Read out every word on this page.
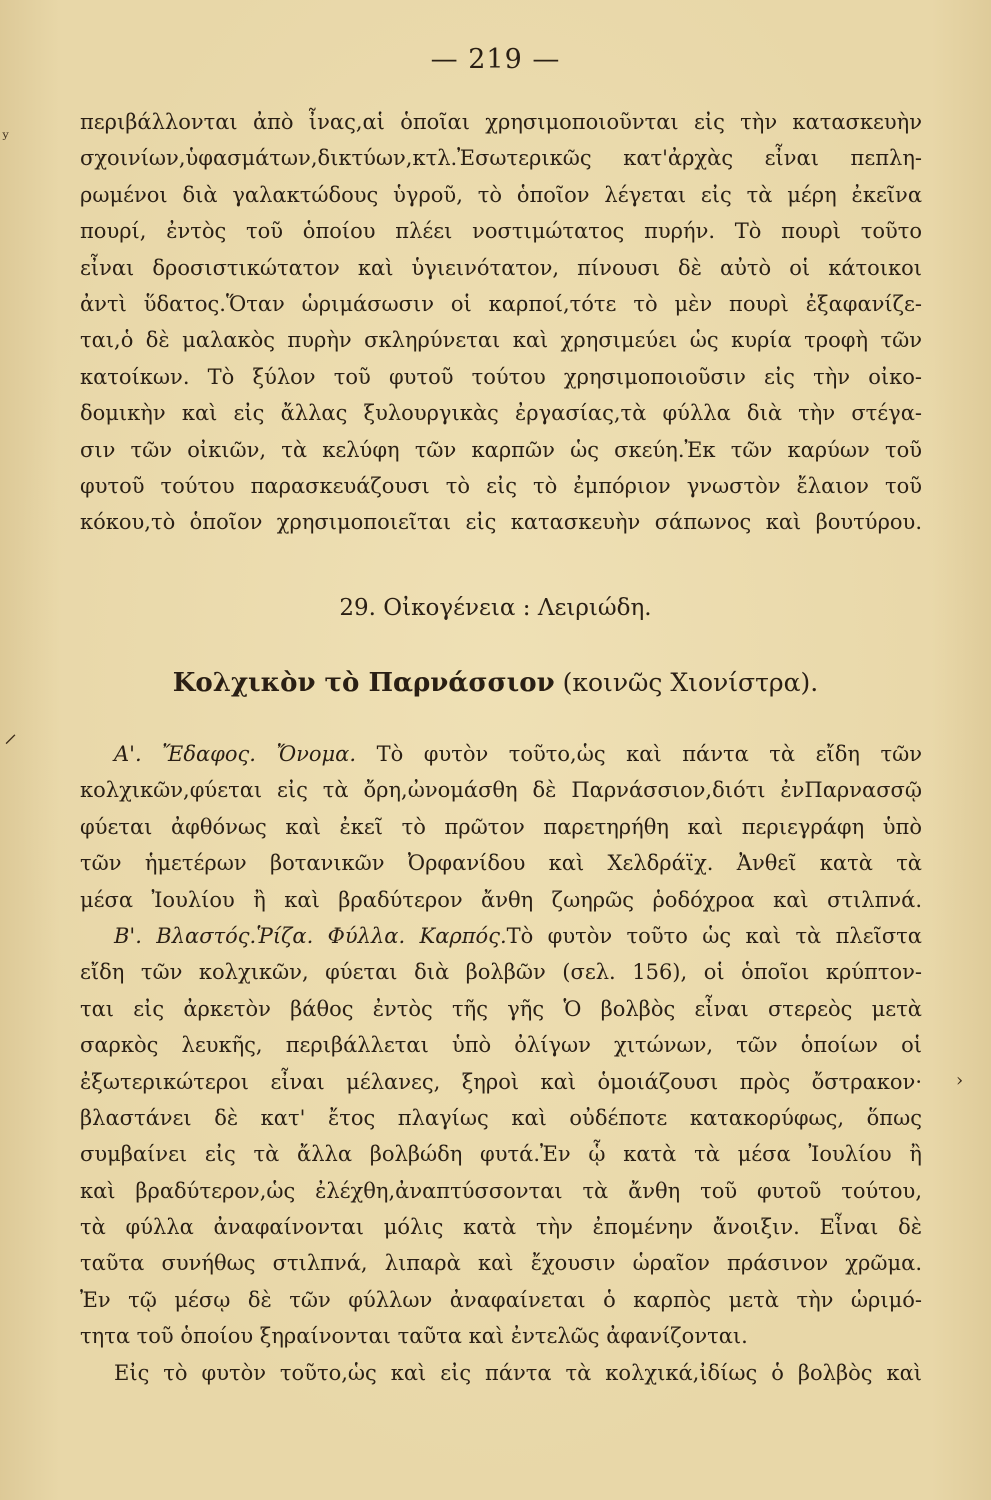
— 219 —
περιβάλλονται ἀπὸ ἶνας,αἱ ὁποῖαι χρησιμοποιοῦνται εἰς τὴν κατασκευὴν
σχοινίων,ὑφασμάτων,δικτύων,κτλ.Ἐσωτερικῶς κατ'ἀρχὰς εἶναι πεπλη-
ρωμένοι διὰ γαλακτώδους ὑγροῦ, τὸ ὁποῖον λέγεται εἰς τὰ μέρη ἐκεῖνα
πουρί, ἐντὸς τοῦ ὁποίου πλέει νοστιμώτατος πυρήν. Τὸ πουρὶ τοῦτο
εἶναι δροσιστικώτατον καὶ ὑγιεινότατον, πίνουσι δὲ αὐτὸ οἱ κάτοικοι
ἀντὶ ὕδατος.Ὅταν ὡριμάσωσιν οἱ καρποί,τότε τὸ μὲν πουρὶ ἐξαφανίζε-
ται,ὁ δὲ μαλακὸς πυρὴν σκληρύνεται καὶ χρησιμεύει ὡς κυρία τροφὴ τῶν
κατοίκων. Τὸ ξύλον τοῦ φυτοῦ τούτου χρησιμοποιοῦσιν εἰς τὴν οἰκο-
δομικὴν καὶ εἰς ἄλλας ξυλουργικὰς ἐργασίας,τὰ φύλλα διὰ τὴν στέγα-
σιν τῶν οἰκιῶν, τὰ κελύφη τῶν καρπῶν ὡς σκεύη.Ἐκ τῶν καρύων τοῦ
φυτοῦ τούτου παρασκευάζουσι τὸ εἰς τὸ ἐμπόριον γνωστὸν ἔλαιον τοῦ
κόκου,τὸ ὁποῖον χρησιμοποιεῖται εἰς κατασκευὴν σάπωνος καὶ βουτύρου.
29. Οἰκογένεια : Λειριώδη.
Κολχικὸν τὸ Παρνάσσιον (κοινῶς Χιονίστρα).
Α'. Ἔδαφος. Ὄνομα. Τὸ φυτὸν τοῦτο,ὡς καὶ πάντα τὰ εἴδη τῶν
κολχικῶν,φύεται εἰς τὰ ὄρη,ὠνομάσθη δὲ Παρνάσσιον,διότι ἐνΠαρνασσῷ
φύεται ἀφθόνως καὶ ἐκεῖ τὸ πρῶτον παρετηρήθη καὶ περιεγράφη ὑπὸ
τῶν ἡμετέρων βοτανικῶν Ὀρφανίδου καὶ Χελδράϊχ. Ἀνθεῖ κατὰ τὰ
μέσα Ἰουλίου ἢ καὶ βραδύτερον ἄνθη ζωηρῶς ῥοδόχροα καὶ στιλπνά.
Β'. Βλαστός.Ῥίζα. Φύλλα. Καρπός.Τὸ φυτὸν τοῦτο ὡς καὶ τὰ πλεῖστα
εἴδη τῶν κολχικῶν, φύεται διὰ βολβῶν (σελ. 156), οἱ ὁποῖοι κρύπτον-
ται εἰς ἀρκετὸν βάθος ἐντὸς τῆς γῆς Ὁ βολβὸς εἶναι στερεὸς μετὰ
σαρκὸς λευκῆς, περιβάλλεται ὑπὸ ὀλίγων χιτώνων, τῶν ὁποίων οἱ
ἐξωτερικώτεροι εἶναι μέλανες, ξηροὶ καὶ ὁμοιάζουσι πρὸς ὄστρακον·
βλαστάνει δὲ κατ' ἔτος πλαγίως καὶ οὐδέποτε κατακορύφως, ὅπως
συμβαίνει εἰς τὰ ἄλλα βολβώδη φυτά.Ἐν ᾧ κατὰ τὰ μέσα Ἰουλίου ἢ
καὶ βραδύτερον,ὡς ἐλέχθη,ἀναπτύσσονται τὰ ἄνθη τοῦ φυτοῦ τούτου,
τὰ φύλλα ἀναφαίνονται μόλις κατὰ τὴν ἐπομένην ἄνοιξιν. Εἶναι δὲ
ταῦτα συνήθως στιλπνά, λιπαρὰ καὶ ἔχουσιν ὡραῖον πράσινον χρῶμα.
Ἐν τῷ μέσῳ δὲ τῶν φύλλων ἀναφαίνεται ὁ καρπὸς μετὰ τὴν ὡριμό-
τητα τοῦ ὁποίου ξηραίνονται ταῦτα καὶ ἐντελῶς ἀφανίζονται.
Εἰς τὸ φυτὸν τοῦτο,ὡς καὶ εἰς πάντα τὰ κολχικά,ἰδίως ὁ βολβὸς καὶ
ʸ
⸝
›
